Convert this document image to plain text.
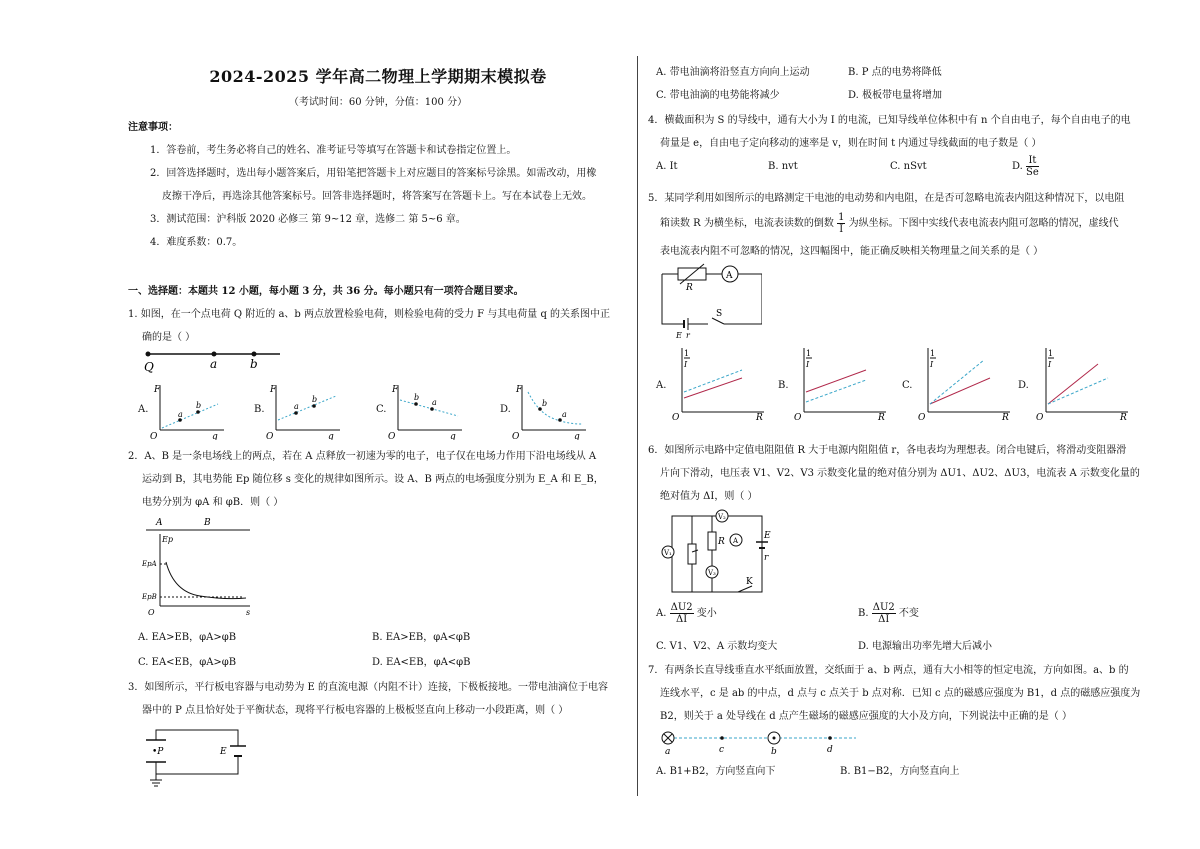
2024-2025 学年高二物理上学期期末模拟卷
（考试时间：60 分钟，分值：100 分）
注意事项：
1．答卷前，考生务必将自己的姓名、准考证号等填写在答题卡和试卷指定位置上。
2．回答选择题时，选出每小题答案后，用铅笔把答题卡上对应题目的答案标号涂黑。如需改动，用橡
皮擦干净后，再选涂其他答案标号。回答非选择题时，将答案写在答题卡上。写在本试卷上无效。
3．测试范围：沪科版 2020 必修三 第 9~12 章，选修二 第 5~6 章。
4．难度系数：0.7。
一、选择题：本题共 12 小题，每小题 3 分，共 36 分。每小题只有一项符合题目要求。
1. 如图，在一个点电荷 Q 附近的 a、b 两点放置检验电荷，则检验电荷的受力 F 与其电荷量 q 的关系图中正
确的是（ ）
Q	a	b
A.
F
q
O
a
b	B.
F
q
O
a
b
C.
F
q
O
b
a
D.
F
q
O
b
a
2．A、B 是一条电场线上的两点，若在 A 点释放一初速为零的电子，电子仅在电场力作用下沿电场线从 A
运动到 B，其电势能 Ep 随位移 s 变化的规律如图所示。设 A、B 两点的电场强度分别为 E_A 和 E_B，
电势分别为 φA 和 φB．则（ ）
A	B
Ep
EpA
EpB
O	s
A. EA>EB，φA>φB	B. EA>EB，φA<φB
C. EA<EB，φA>φB	D. EA<EB，φA<φB
3．如图所示，平行板电容器与电动势为 E 的直流电源（内阻不计）连接，下极板接地。一带电油滴位于电容
器中的 P 点且恰好处于平衡状态，现将平行板电容器的上极板竖直向上移动一小段距离，则（ ）
•P	E
A. 带电油滴将沿竖直方向向上运动	B. P 点的电势将降低
C. 带电油滴的电势能将减少	D. 极板带电量将增加
4．横截面积为 S 的导线中，通有大小为 I 的电流，已知导线单位体积中有 n 个自由电子，每个自由电子的电
荷量是 e，自由电子定向移动的速率是 v，则在时间 t 内通过导线截面的电子数是（ ）
A. It	B. nvt	C. nSvt	D. $\frac{It}{Se}$
5．某同学利用如图所示的电路测定干电池的电动势和内电阻，在是否可忽略电流表内阻这种情况下，以电阻
箱读数 R 为横坐标，电流表读数的倒数 $\frac{1}{I}$ 为纵坐标。下图中实线代表电流表内阻可忽略的情况，虚线代
表电流表内阻不可忽略的情况，这四幅图中，能正确反映相关物理量之间关系的是（ ）
A
S
R
E r
A.
1
I
R
O
B.
1
I
R
O
C.
1
I
R
O
D.
1
I
R
O
6．如图所示电路中定值电阻阻值 R 大于电源内阻阻值 r，各电表均为理想表。闭合电键后，将滑动变阻器滑
片向下滑动，电压表 V1、V2、V3 示数变化量的绝对值分别为 ΔU1、ΔU2、ΔU3，电流表 A 示数变化量的
绝对值为 ΔI，则（ ）
V₁
V₂
R
V₃
A	E
r
K
A. $\frac{\Delta U2}{\Delta I}$ 变小	B. $\frac{\Delta U2}{\Delta I}$ 不变
C. V1、V2、A 示数均变大	D. 电源输出功率先增大后减小
7．有两条长直导线垂直水平纸面放置，交纸面于 a、b 两点，通有大小相等的恒定电流，方向如图。a、b 的
连线水平，c 是 ab 的中点，d 点与 c 点关于 b 点对称．已知 c 点的磁感应强度为 B1，d 点的磁感应强度为
B2，则关于 a 处导线在 d 点产生磁场的磁感应强度的大小及方向，下列说法中正确的是（ ）
a	c	b	d
A. B1+B2，方向竖直向下	B. B1−B2，方向竖直向上
